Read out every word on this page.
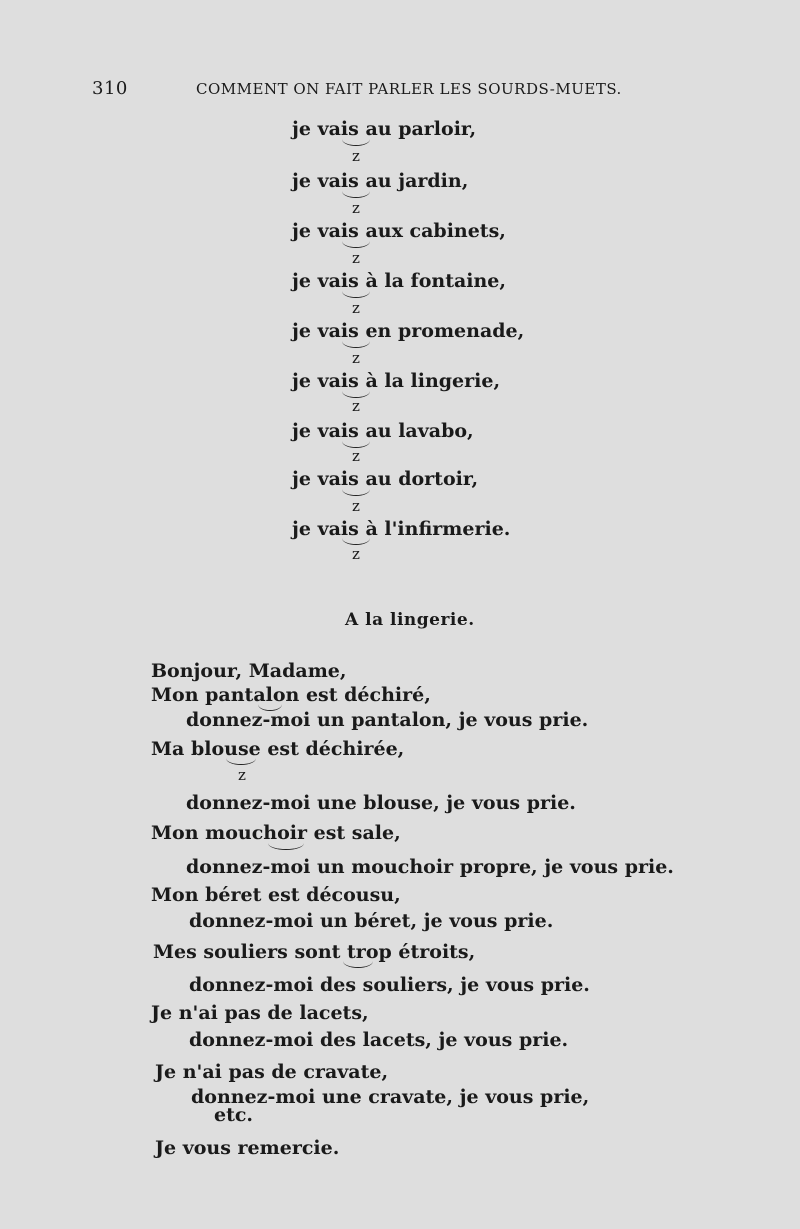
310	COMMENT ON FAIT PARLER LES SOURDS-MUETS.
je vais au parloir,
z
je vais au jardin,
z
je vais aux cabinets,
z
je vais à la fontaine,
z
je vais en promenade,
z
je vais à la lingerie,
z
je vais au lavabo,
z
je vais au dortoir,
z
je vais à l'infirmerie.
z
A la lingerie.
Bonjour, Madame,
Mon pantalon est déchiré,
donnez-moi un pantalon, je vous prie.
Ma blouse est déchirée,
z
donnez-moi une blouse, je vous prie.
Mon mouchoir est sale,
donnez-moi un mouchoir propre, je vous prie.
Mon béret est décousu,
donnez-moi un béret, je vous prie.
Mes souliers sont trop étroits,
donnez-moi des souliers, je vous prie.
Je n'ai pas de lacets,
donnez-moi des lacets, je vous prie.
Je n'ai pas de cravate,
donnez-moi une cravate, je vous prie,
etc.
Je vous remercie.
